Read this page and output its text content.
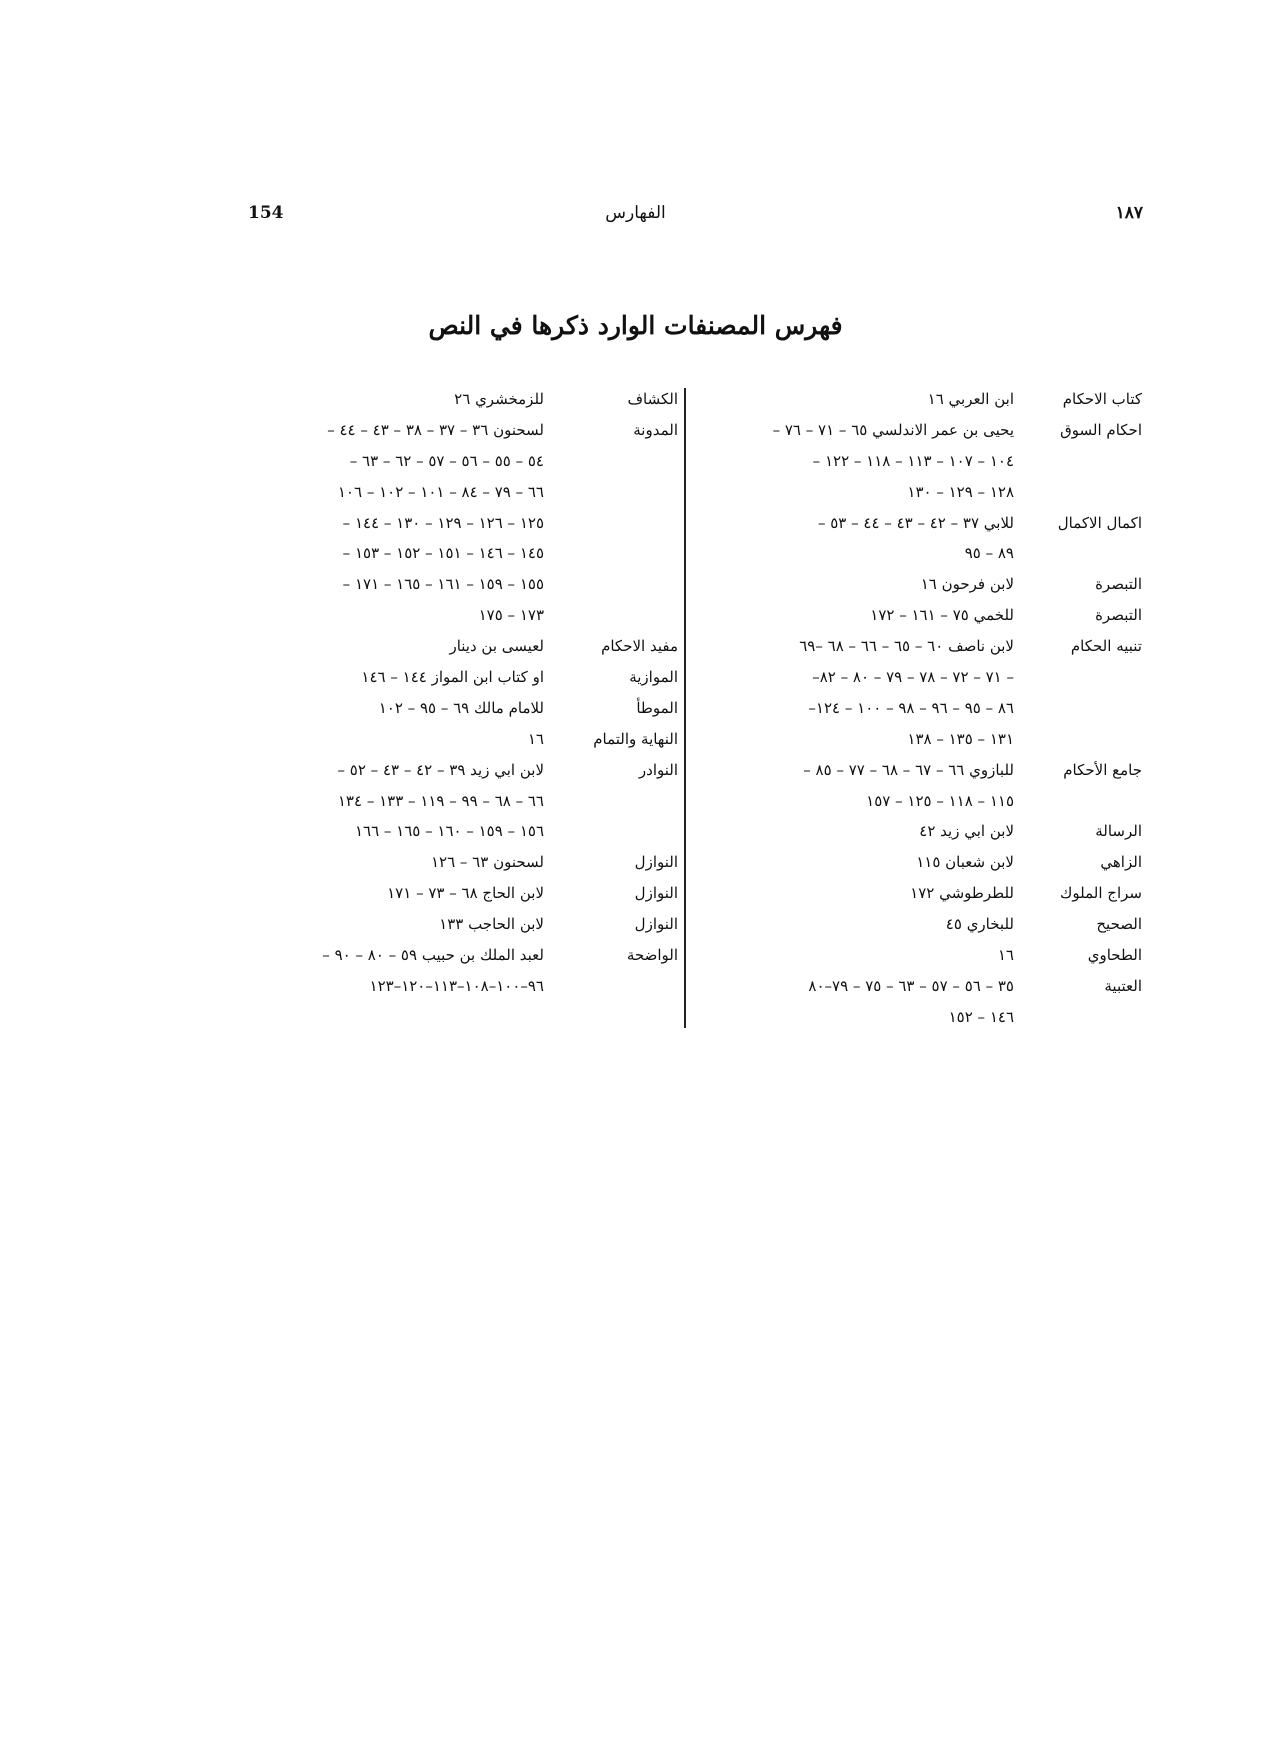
154	الفهارس	١٨٧
فهرس المصنفات الوارد ذكرها في النص
كتاب الاحكام
ابن العربي ١٦
احكام السوق
يحيى بن عمر الاندلسي ٦٥ – ٧١ – ٧٦ –
١٠٤ – ١٠٧ – ١١٣ – ١١٨ – ١٢٢ –
١٢٨ – ١٢٩ – ١٣٠
اكمال الاكمال
للابي ٣٧ – ٤٢ – ٤٣ – ٤٤ – ٥٣ –
٨٩ – ٩٥
التبصرة
لابن فرحون ١٦
التبصرة
للخمي ٧٥ – ١٦١ – ١٧٢
تنبيه الحكام
لابن ناصف ٦٠ – ٦٥ – ٦٦ – ٦٨ –٦٩
– ٧١ – ٧٢ – ٧٨ – ٧٩ – ٨٠ – ٨٢–
٨٦ – ٩٥ – ٩٦ – ٩٨ – ١٠٠ – ١٢٤–
١٣١ – ١٣٥ – ١٣٨
جامع الأحكام
للبازوي ٦٦ – ٦٧ – ٦٨ – ٧٧ – ٨٥ –
١١٥ – ١١٨ – ١٢٥ – ١٥٧
الرسالة
لابن ابي زيد ٤٢
الزاهي
لابن شعبان ١١٥
سراج الملوك
للطرطوشي ١٧٢
الصحيح
للبخاري ٤٥
الطحاوي
١٦
العتبية
٣٥ – ٥٦ – ٥٧ – ٦٣ – ٧٥ – ٧٩–٨٠
١٤٦ – ١٥٢
الكشاف
للزمخشري ٢٦
المدونة
لسحنون ٣٦ – ٣٧ – ٣٨ – ٤٣ – ٤٤ –
٥٤ – ٥٥ – ٥٦ – ٥٧ – ٦٢ – ٦٣ –
٦٦ – ٧٩ – ٨٤ – ١٠١ – ١٠٢ – ١٠٦
١٢٥ – ١٢٦ – ١٢٩ – ١٣٠ – ١٤٤ –
١٤٥ – ١٤٦ – ١٥١ – ١٥٢ – ١٥٣ –
١٥٥ – ١٥٩ – ١٦١ – ١٦٥ – ١٧١ –
١٧٣ – ١٧٥
مفيد الاحكام
لعيسى بن دينار
الموازية
او كتاب ابن المواز ١٤٤ – ١٤٦
الموطأ
للامام مالك ٦٩ – ٩٥ – ١٠٢
النهاية والتمام
١٦
النوادر
لابن ابي زيد ٣٩ – ٤٢ – ٤٣ – ٥٢ –
٦٦ – ٦٨ – ٩٩ – ١١٩ – ١٣٣ – ١٣٤
١٥٦ – ١٥٩ – ١٦٠ – ١٦٥ – ١٦٦
النوازل
لسحنون ٦٣ – ١٢٦
النوازل
لابن الحاج ٦٨ – ٧٣ – ١٧١
النوازل
لابن الحاجب ١٣٣
الواضحة
لعبد الملك بن حبيب ٥٩ – ٨٠ – ٩٠ –
٩٦–١٠٠–١٠٨–١١٣–١٢٠–١٢٣
